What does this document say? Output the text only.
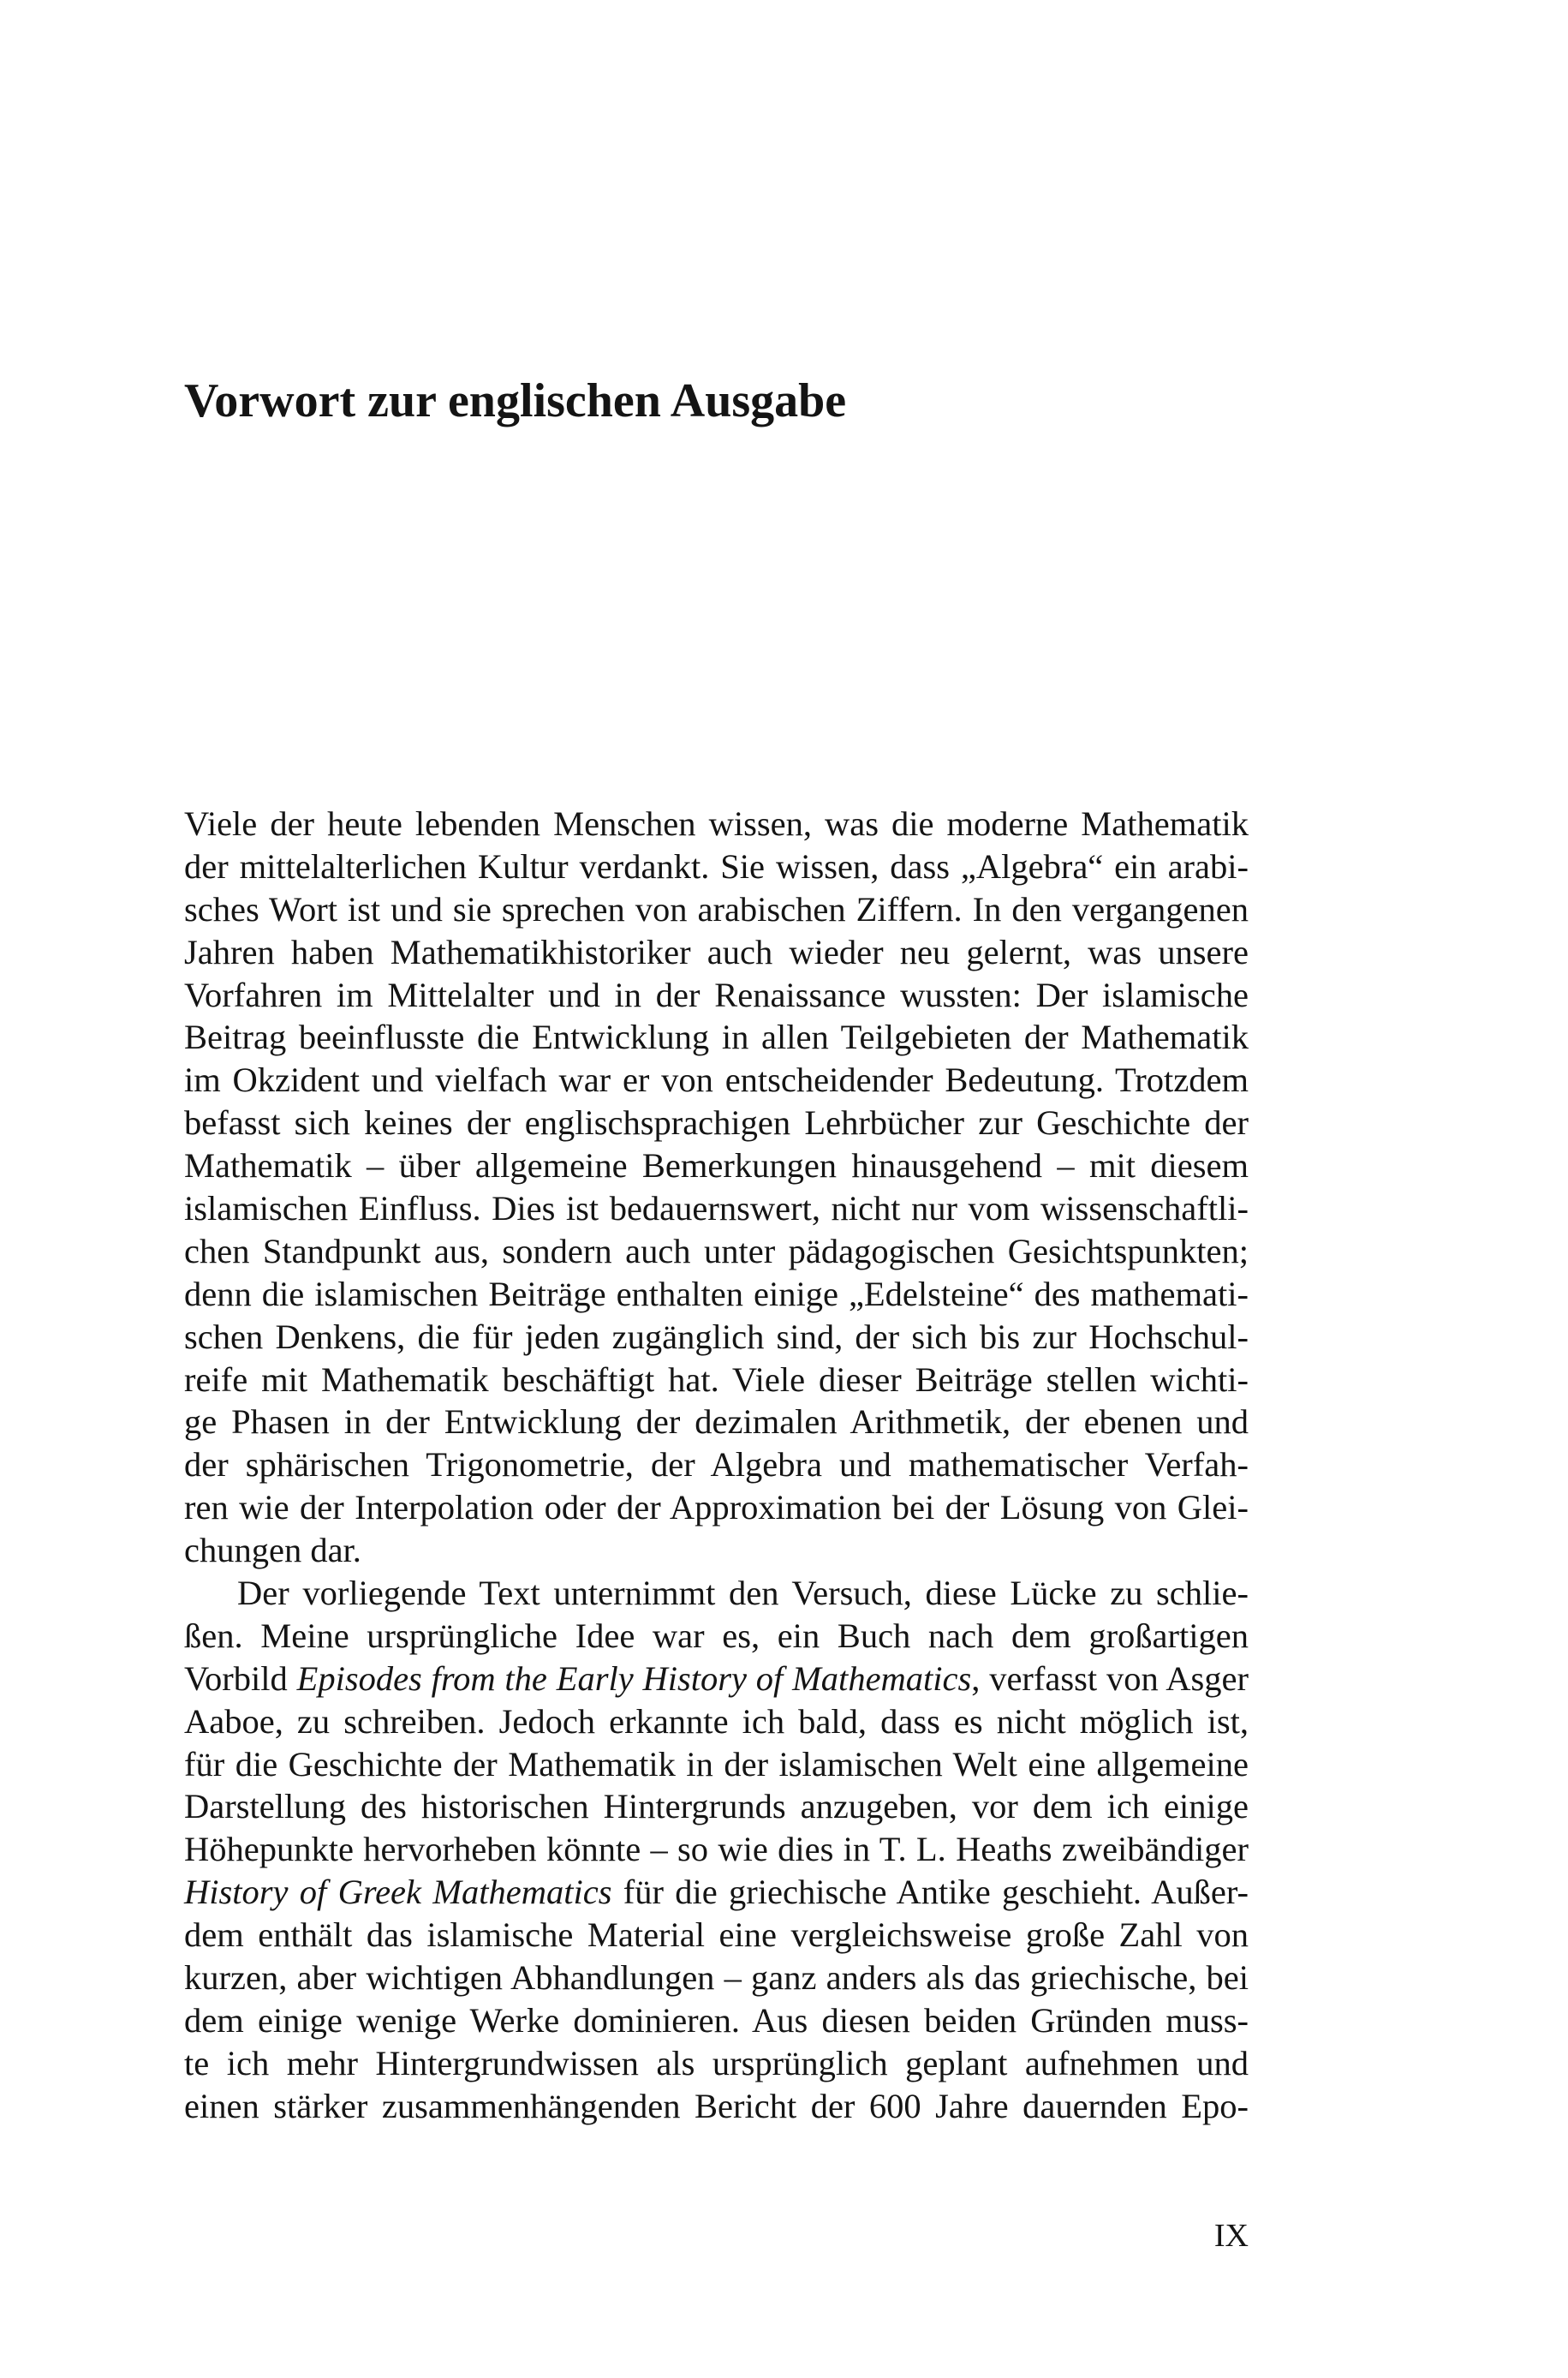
Vorwort zur englischen Ausgabe
Viele der heute lebenden Menschen wissen, was die moderne Mathematik
der mittelalterlichen Kultur verdankt. Sie wissen, dass „Algebra“ ein arabi-
sches Wort ist und sie sprechen von arabischen Ziffern. In den vergangenen
Jahren haben Mathematikhistoriker auch wieder neu gelernt, was unsere
Vorfahren im Mittelalter und in der Renaissance wussten: Der islamische
Beitrag beeinflusste die Entwicklung in allen Teilgebieten der Mathematik
im Okzident und vielfach war er von entscheidender Bedeutung. Trotzdem
befasst sich keines der englischsprachigen Lehrbücher zur Geschichte der
Mathematik – über allgemeine Bemerkungen hinausgehend – mit diesem
islamischen Einfluss. Dies ist bedauernswert, nicht nur vom wissenschaftli-
chen Standpunkt aus, sondern auch unter pädagogischen Gesichtspunkten;
denn die islamischen Beiträge enthalten einige „Edelsteine“ des mathemati-
schen Denkens, die für jeden zugänglich sind, der sich bis zur Hochschul-
reife mit Mathematik beschäftigt hat. Viele dieser Beiträge stellen wichti-
ge Phasen in der Entwicklung der dezimalen Arithmetik, der ebenen und
der sphärischen Trigonometrie, der Algebra und mathematischer Verfah-
ren wie der Interpolation oder der Approximation bei der Lösung von Glei-
chungen dar.
Der vorliegende Text unternimmt den Versuch, diese Lücke zu schlie-
ßen. Meine ursprüngliche Idee war es, ein Buch nach dem großartigen
Vorbild Episodes from the Early History of Mathematics, verfasst von Asger
Aaboe, zu schreiben. Jedoch erkannte ich bald, dass es nicht möglich ist,
für die Geschichte der Mathematik in der islamischen Welt eine allgemeine
Darstellung des historischen Hintergrunds anzugeben, vor dem ich einige
Höhepunkte hervorheben könnte – so wie dies in T. L. Heaths zweibändiger
History of Greek Mathematics für die griechische Antike geschieht. Außer-
dem enthält das islamische Material eine vergleichsweise große Zahl von
kurzen, aber wichtigen Abhandlungen – ganz anders als das griechische, bei
dem einige wenige Werke dominieren. Aus diesen beiden Gründen muss-
te ich mehr Hintergrundwissen als ursprünglich geplant aufnehmen und
einen stärker zusammenhängenden Bericht der 600 Jahre dauernden Epo-
IX
